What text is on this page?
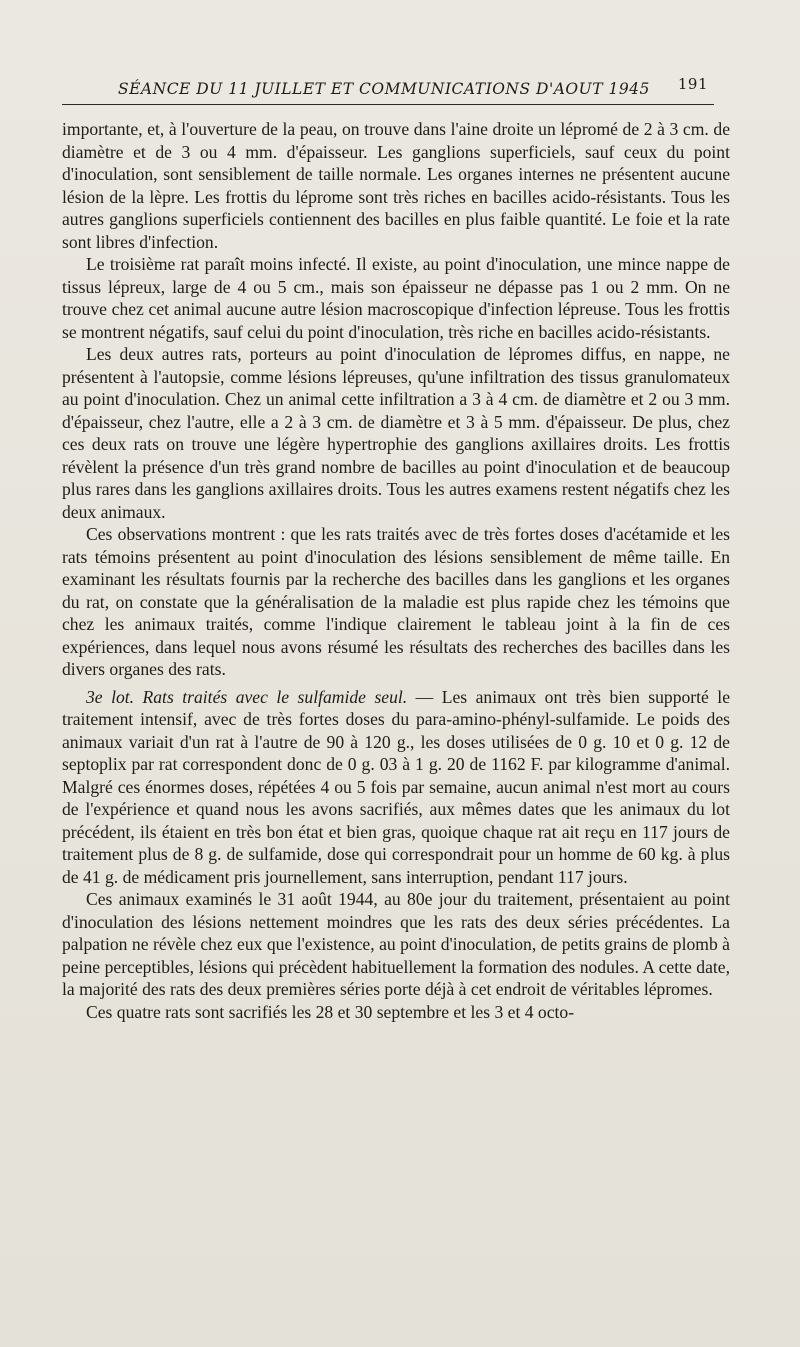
SÉANCE DU 11 JUILLET ET COMMUNICATIONS D'AOUT 1945 191

importante, et, à l'ouverture de la peau, on trouve dans l'aine droite un lépromé de 2 à 3 cm. de diamètre et de 3 ou 4 mm. d'épaisseur. Les ganglions superficiels, sauf ceux du point d'inoculation, sont sensiblement de taille normale. Les organes internes ne présentent aucune lésion de la lèpre. Les frottis du léprome sont très riches en bacilles acido-résistants. Tous les autres ganglions superficiels contiennent des bacilles en plus faible quantité. Le foie et la rate sont libres d'infection.

Le troisième rat paraît moins infecté. Il existe, au point d'inoculation, une mince nappe de tissus lépreux, large de 4 ou 5 cm., mais son épaisseur ne dépasse pas 1 ou 2 mm. On ne trouve chez cet animal aucune autre lésion macroscopique d'infection lépreuse. Tous les frottis se montrent négatifs, sauf celui du point d'inoculation, très riche en bacilles acido-résistants.

Les deux autres rats, porteurs au point d'inoculation de lépromes diffus, en nappe, ne présentent à l'autopsie, comme lésions lépreuses, qu'une infiltration des tissus granulomateux au point d'inoculation. Chez un animal cette infiltration a 3 à 4 cm. de diamètre et 2 ou 3 mm. d'épaisseur, chez l'autre, elle a 2 à 3 cm. de diamètre et 3 à 5 mm. d'épaisseur. De plus, chez ces deux rats on trouve une légère hypertrophie des ganglions axillaires droits. Les frottis révèlent la présence d'un très grand nombre de bacilles au point d'inoculation et de beaucoup plus rares dans les ganglions axillaires droits. Tous les autres examens restent négatifs chez les deux animaux.

Ces observations montrent : que les rats traités avec de très fortes doses d'acétamide et les rats témoins présentent au point d'inoculation des lésions sensiblement de même taille. En examinant les résultats fournis par la recherche des bacilles dans les ganglions et les organes du rat, on constate que la généralisation de la maladie est plus rapide chez les témoins que chez les animaux traités, comme l'indique clairement le tableau joint à la fin de ces expériences, dans lequel nous avons résumé les résultats des recherches des bacilles dans les divers organes des rats.

3e lot. Rats traités avec le sulfamide seul. — Les animaux ont très bien supporté le traitement intensif, avec de très fortes doses du para-amino-phényl-sulfamide. Le poids des animaux variait d'un rat à l'autre de 90 à 120 g., les doses utilisées de 0 g. 10 et 0 g. 12 de septoplix par rat correspondent donc de 0 g. 03 à 1 g. 20 de 1162 F. par kilogramme d'animal. Malgré ces énormes doses, répétées 4 ou 5 fois par semaine, aucun animal n'est mort au cours de l'expérience et quand nous les avons sacrifiés, aux mêmes dates que les animaux du lot précédent, ils étaient en très bon état et bien gras, quoique chaque rat ait reçu en 117 jours de traitement plus de 8 g. de sulfamide, dose qui correspondrait pour un homme de 60 kg. à plus de 41 g. de médicament pris journellement, sans interruption, pendant 117 jours.

Ces animaux examinés le 31 août 1944, au 80e jour du traitement, présentaient au point d'inoculation des lésions nettement moindres que les rats des deux séries précédentes. La palpation ne révèle chez eux que l'existence, au point d'inoculation, de petits grains de plomb à peine perceptibles, lésions qui précèdent habituellement la formation des nodules. A cette date, la majorité des rats des deux premières séries porte déjà à cet endroit de véritables lépromes.

Ces quatre rats sont sacrifiés les 28 et 30 septembre et les 3 et 4 octo-
